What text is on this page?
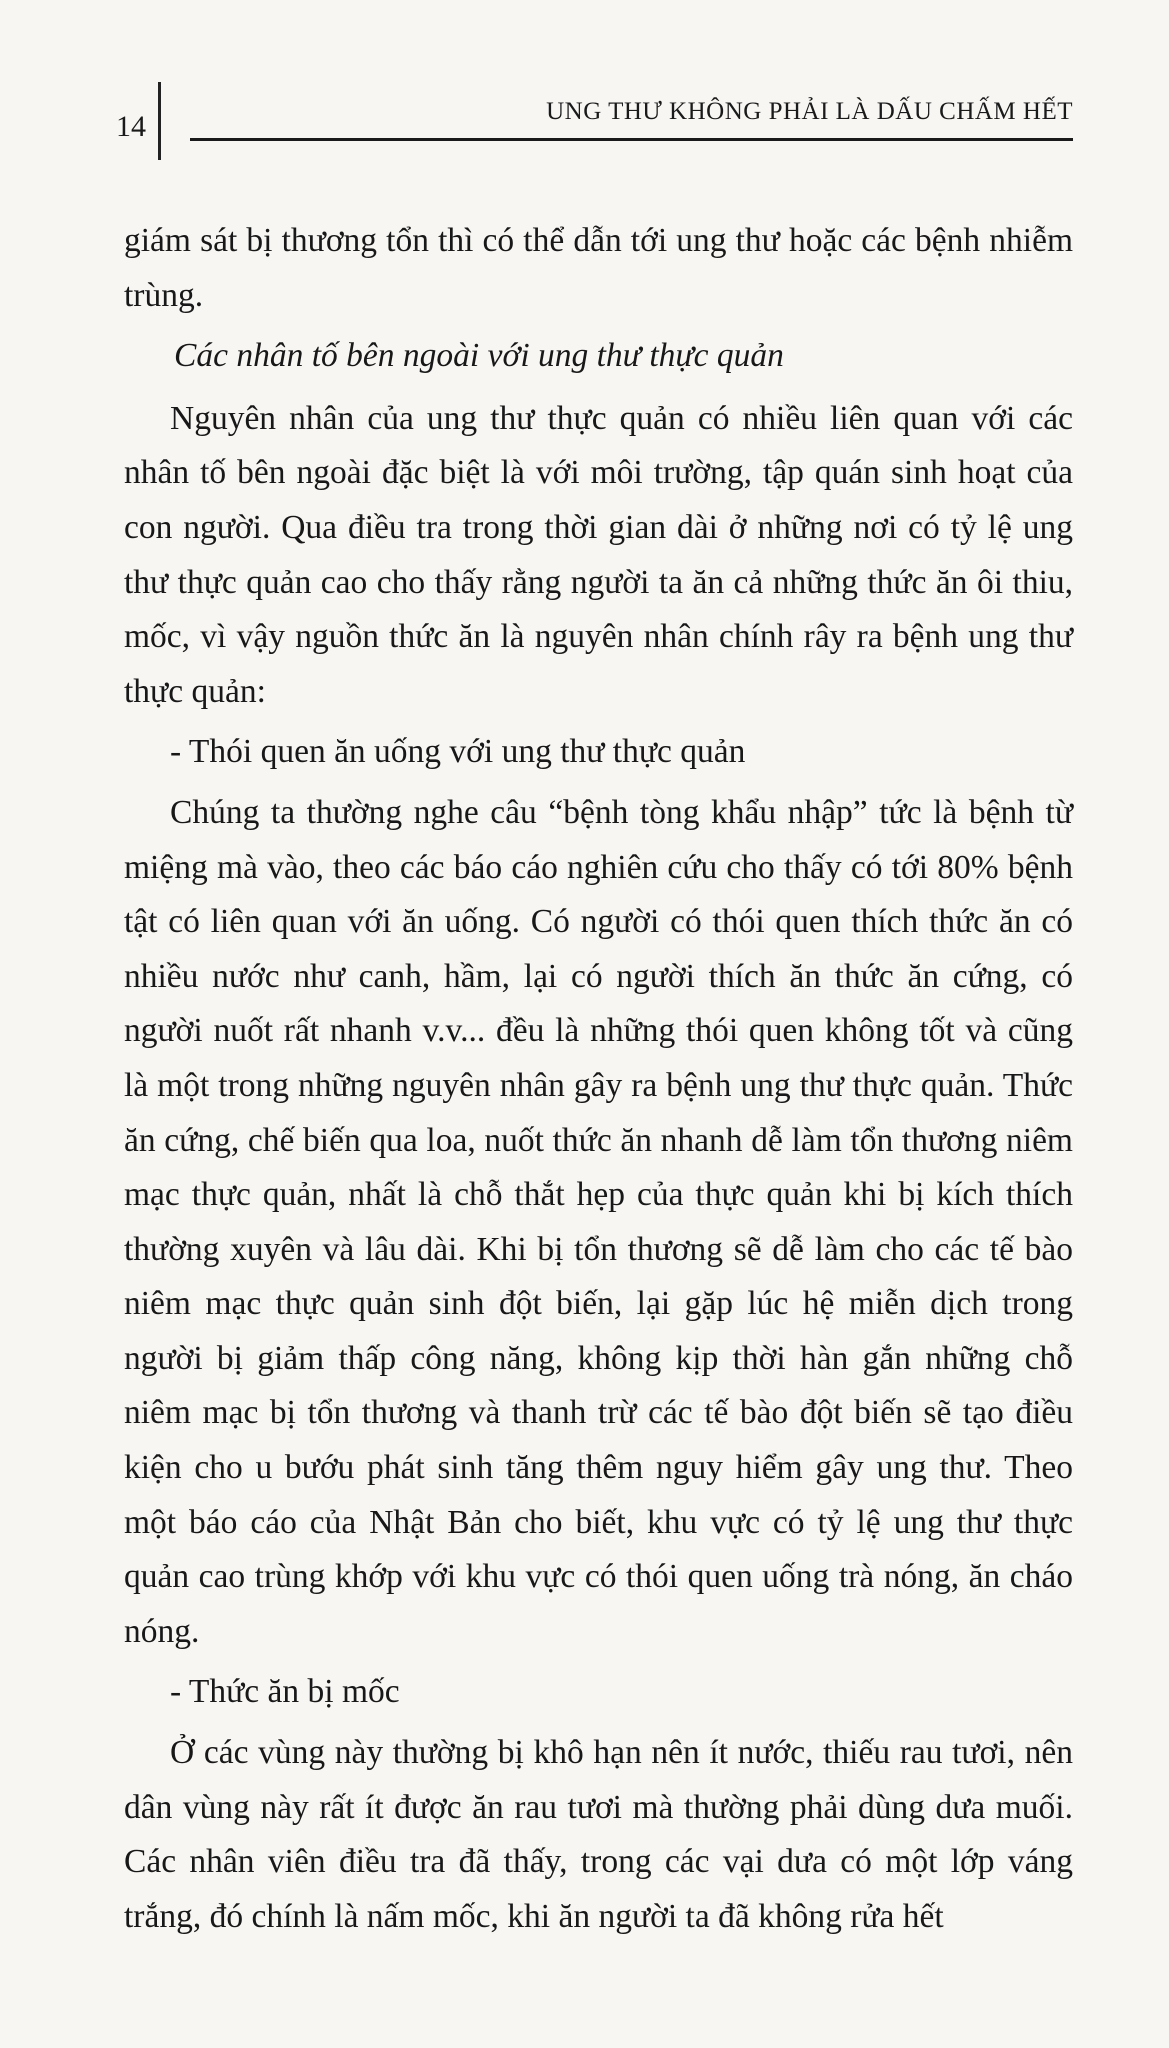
14	UNG THƯ KHÔNG PHẢI LÀ DẤU CHẤM HẾT

giám sát bị thương tổn thì có thể dẫn tới ung thư hoặc các bệnh nhiễm trùng.

Các nhân tố bên ngoài với ung thư thực quản

Nguyên nhân của ung thư thực quản có nhiều liên quan với các nhân tố bên ngoài đặc biệt là với môi trường, tập quán sinh hoạt của con người. Qua điều tra trong thời gian dài ở những nơi có tỷ lệ ung thư thực quản cao cho thấy rằng người ta ăn cả những thức ăn ôi thiu, mốc, vì vậy nguồn thức ăn là nguyên nhân chính rây ra bệnh ung thư thực quản:

- Thói quen ăn uống với ung thư thực quản

Chúng ta thường nghe câu “bệnh tòng khẩu nhập” tức là bệnh từ miệng mà vào, theo các báo cáo nghiên cứu cho thấy có tới 80% bệnh tật có liên quan với ăn uống. Có người có thói quen thích thức ăn có nhiều nước như canh, hầm, lại có người thích ăn thức ăn cứng, có người nuốt rất nhanh v.v... đều là những thói quen không tốt và cũng là một trong những nguyên nhân gây ra bệnh ung thư thực quản. Thức ăn cứng, chế biến qua loa, nuốt thức ăn nhanh dễ làm tổn thương niêm mạc thực quản, nhất là chỗ thắt hẹp của thực quản khi bị kích thích thường xuyên và lâu dài. Khi bị tổn thương sẽ dễ làm cho các tế bào niêm mạc thực quản sinh đột biến, lại gặp lúc hệ miễn dịch trong người bị giảm thấp công năng, không kịp thời hàn gắn những chỗ niêm mạc bị tổn thương và thanh trừ các tế bào đột biến sẽ tạo điều kiện cho u bướu phát sinh tăng thêm nguy hiểm gây ung thư. Theo một báo cáo của Nhật Bản cho biết, khu vực có tỷ lệ ung thư thực quản cao trùng khớp với khu vực có thói quen uống trà nóng, ăn cháo nóng.

- Thức ăn bị mốc

Ở các vùng này thường bị khô hạn nên ít nước, thiếu rau tươi, nên dân vùng này rất ít được ăn rau tươi mà thường phải dùng dưa muối. Các nhân viên điều tra đã thấy, trong các vại dưa có một lớp váng trắng, đó chính là nấm mốc, khi ăn người ta đã không rửa hết
